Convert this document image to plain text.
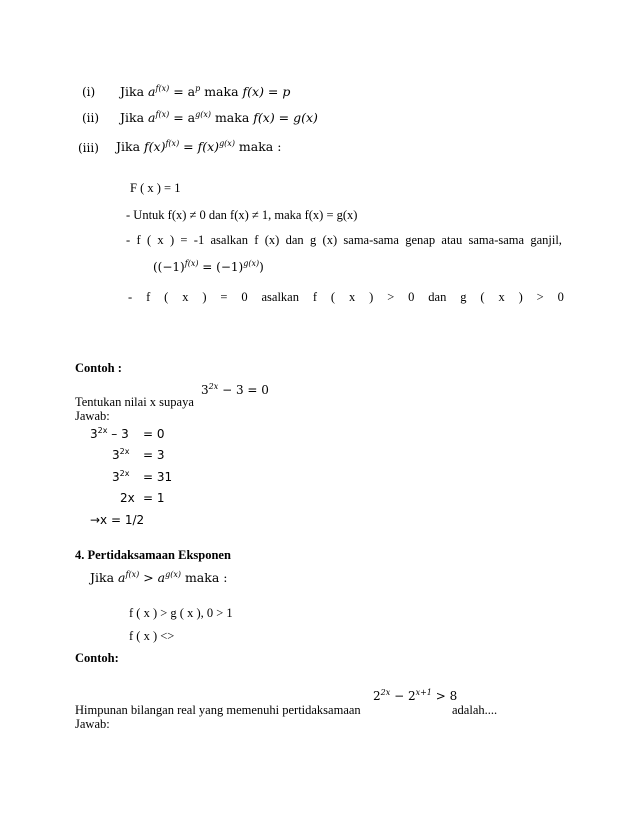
(i) Jika $a^{f(x)} = a^p$ maka f(x) = p
(ii) Jika $a^{f(x)} = a^{g(x)}$ maka f(x) = g(x)
(iii) Jika $f(x)^{f(x)} = f(x)^{g(x)}$ maka :
F ( x ) = 1
- Untuk f(x) ≠ 0 dan f(x) ≠ 1, maka f(x) = g(x)
- f ( x ) = -1 asalkan f (x) dan g (x) sama-sama genap atau sama-sama ganjil,
$((-1)^{f(x)} = (-1)^{g(x)})$
- f ( x ) = 0 asalkan f ( x ) > 0 dan g ( x ) > 0
Contoh :
$3^{2x} - 3 = 0$
Tentukan nilai x supaya
Jawab:
$3^{2x} - 3 = 0$
$3^{2x} = 3$
$3^{2x} = 31$
2x = 1
→x = 1/2
4. Pertidaksamaan Eksponen
Jika $a^{f(x)} > a^{g(x)}$ maka :
f ( x ) > g ( x ), 0 > 1
f ( x ) <>
Contoh:
$2^{2x} - 2^{x+1} > 8$
Himpunan bilangan real yang memenuhi pertidaksamaan	adalah....
Jawab:
